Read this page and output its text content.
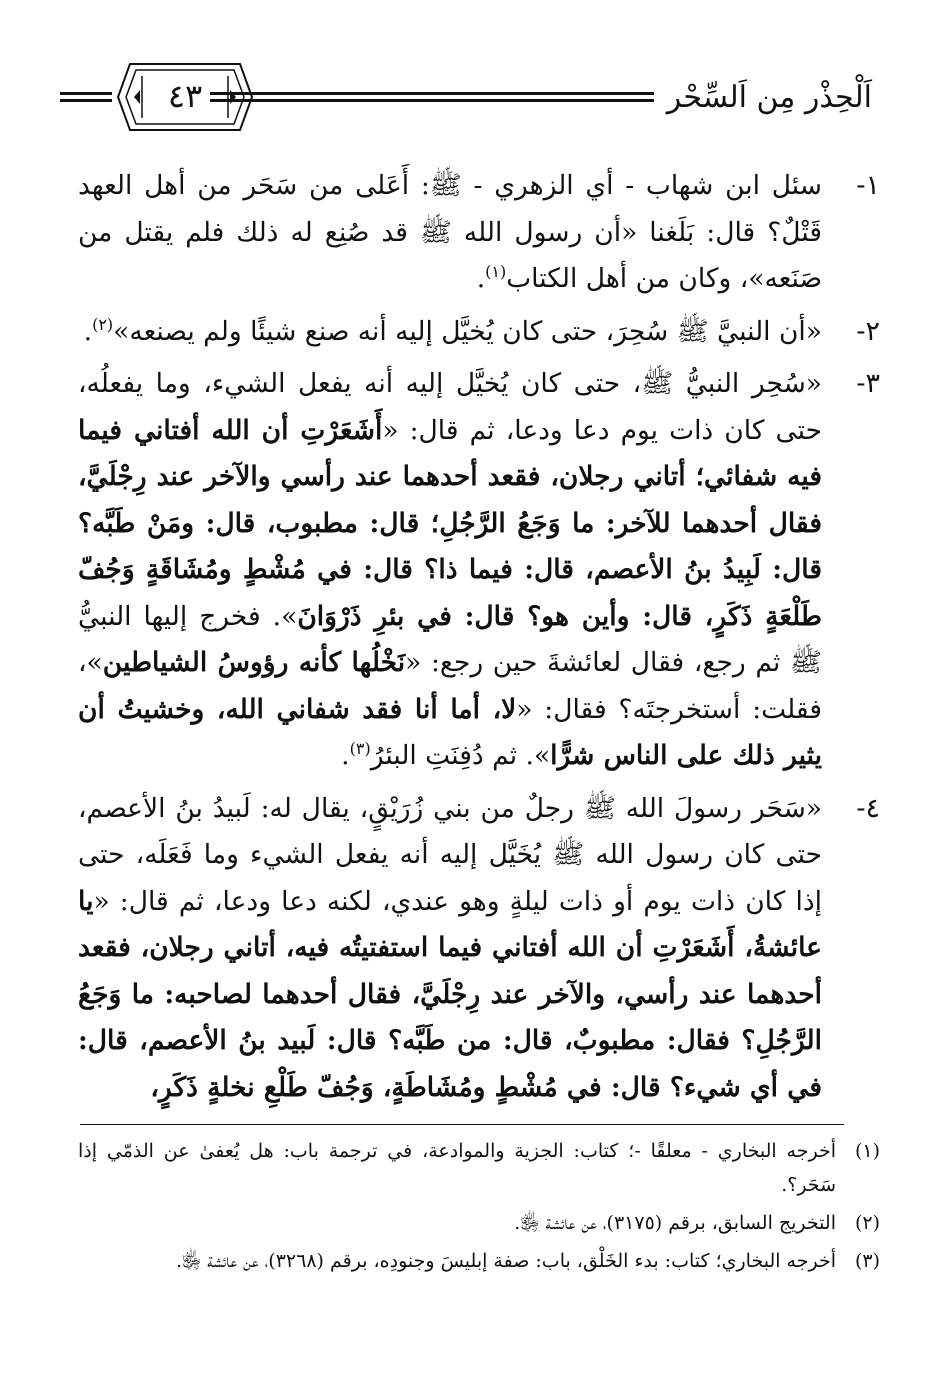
اَلْحِذْر مِن اَلسِّحْر
٤٣
١-
سئل ابن شهاب - أي الزهري - ﷺ: أَعَلى من سَحَر من أهل العهد قَتْلٌ؟ قال: بَلَغنا «أن رسول الله ﷺ قد صُنِع له ذلك فلم يقتل من صَنَعه»، وكان من أهل الكتاب$^{(١)}$.
٢-
«أن النبيَّ ﷺ سُحِرَ، حتى كان يُخيَّل إليه أنه صنع شيئًا ولم يصنعه»$^{(٢)}$.
٣-
«سُحِر النبيُّ ﷺ، حتى كان يُخيَّل إليه أنه يفعل الشيء، وما يفعلُه، حتى كان ذات يوم دعا ودعا، ثم قال: «أَشَعَرْتِ أن الله أفتاني فيما فيه شفائي؛ أتاني رجلان، فقعد أحدهما عند رأسي والآخر عند رِجْلَيَّ، فقال أحدهما للآخر: ما وَجَعُ الرَّجُلِ؛ قال: مطبوب، قال: ومَنْ طَبَّه؟ قال: لَبِيدُ بنُ الأعصم، قال: فيما ذا؟ قال: في مُشْطٍ ومُشَاقَةٍ وَجُفّ طَلْعَةٍ ذَكَرٍ، قال: وأين هو؟ قال: في بئرِ ذَرْوَانَ». فخرج إليها النبيُّ ﷺ ثم رجع، فقال لعائشةَ حين رجع: «نَخْلُها كأنه رؤوسُ الشياطين»، فقلت: أستخرجتَه؟ فقال: «لا، أما أنا فقد شفاني الله، وخشيتُ أن يثير ذلك على الناس شرًّا». ثم دُفِنَتِ البئرُ$^{(٣)}$.
٤-
«سَحَر رسولَ الله ﷺ رجلٌ من بني زُرَيْقٍ، يقال له: لَبيدُ بنُ الأعصم، حتى كان رسول الله ﷺ يُخَيَّل إليه أنه يفعل الشيء وما فَعَلَه، حتى إذا كان ذات يوم أو ذات ليلةٍ وهو عندي، لكنه دعا ودعا، ثم قال: «يا عائشةُ، أَشَعَرْتِ أن الله أفتاني فيما استفتيتُه فيه، أتاني رجلان، فقعد أحدهما عند رأسي، والآخر عند رِجْلَيَّ، فقال أحدهما لصاحبه: ما وَجَعُ الرَّجُلِ؟ فقال: مطبوبٌ، قال: من طَبَّه؟ قال: لَبيد بنُ الأعصم، قال: في أي شيء؟ قال: في مُشْطٍ ومُشَاطَةٍ، وَجُفّ طَلْعِ نخلةٍ ذَكَرٍ،
(١)
أخرجه البخاري - معلقًا -؛ كتاب: الجزية والموادعة، في ترجمة باب: هل يُعفىٰ عن الذمّي إذا سَحَر؟.
(٢)
التخريج السابق، برقم (٣١٧٥)، عن عائشة ﵂.
(٣)
أخرجه البخاري؛ كتاب: بدء الخَلْق، باب: صفة إبليسَ وجنودِه، برقم (٣٢٦٨)، عن عائشة ﵂.
